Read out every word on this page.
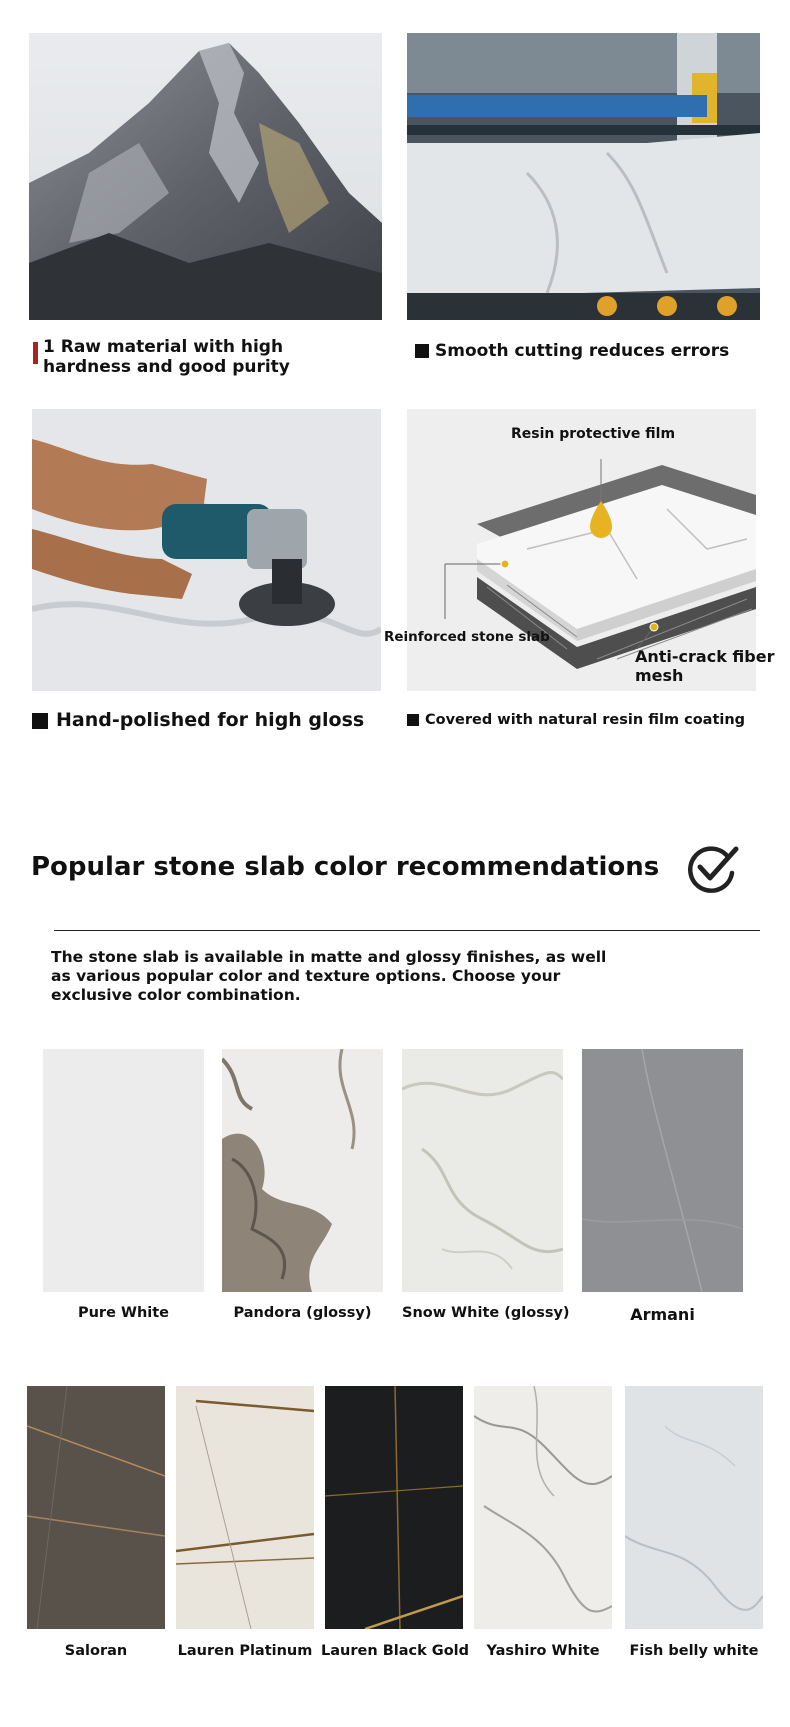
1 Raw material with high
hardness and good purity
Smooth cutting reduces errors
Hand-polished for high gloss
Resin protective film
Reinforced stone slab
Anti-crack fiber
mesh
Covered with natural resin film coating
Popular stone slab color recommendations
The stone slab is available in matte and glossy finishes, as well as various popular color and texture options. Choose your exclusive color combination.
Pure White	Pandora (glossy)	Snow White (glossy)	Armani
Saloran	Lauren Platinum Lauren Black Gold	Yashiro White	Fish belly white
